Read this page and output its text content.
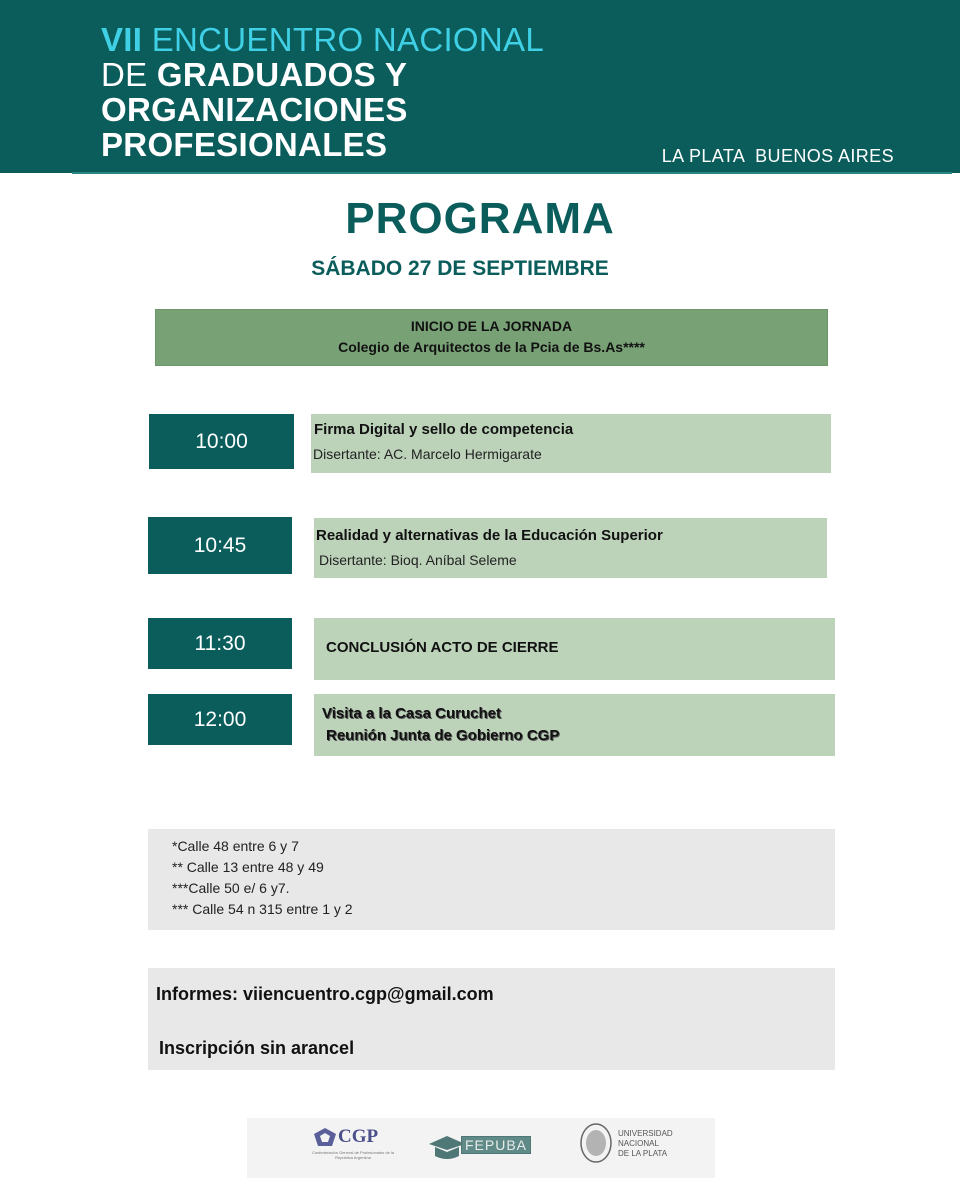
VII ENCUENTRO NACIONAL
DE GRADUADOS Y
ORGANIZACIONES
PROFESIONALES	LA PLATA  BUENOS AIRES
PROGRAMA
SÁBADO 27 DE SEPTIEMBRE
INICIO DE LA JORNADA
Colegio de Arquitectos de la Pcia de Bs.As****
10:00	Firma Digital y sello de competencia
Disertante: AC. Marcelo Hermigarate
10:45	Realidad y alternativas de la Educación Superior
Disertante: Bioq. Aníbal Seleme
11:30	CONCLUSIÓN ACTO DE CIERRE
12:00	Visita a la Casa Curuchet
Reunión Junta de Gobierno CGP
*Calle 48 entre 6 y 7
** Calle 13 entre 48 y 49
***Calle 50 e/ 6 y7.
*** Calle 54 n 315 entre 1 y 2
Informes: viiencuentro.cgp@gmail.com
Inscripción sin arancel
CGP
Confederación General de Profesionales de la República Argentina
FEPUBA
UNIVERSIDAD
NACIONAL
DE LA PLATA
